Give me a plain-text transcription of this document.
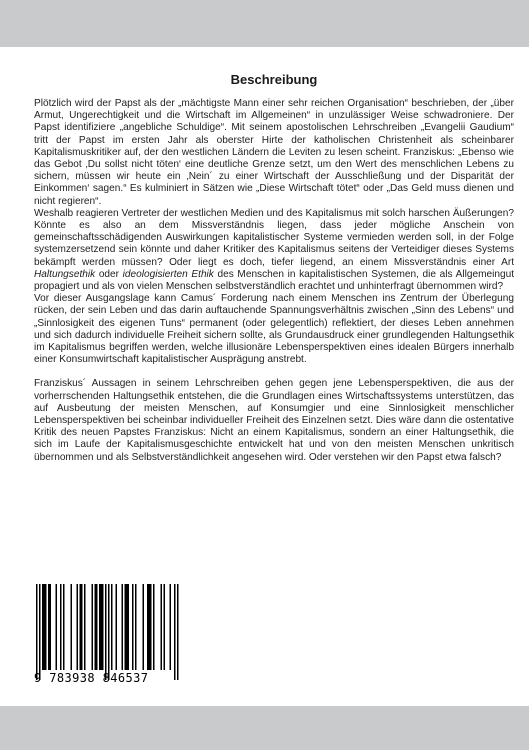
Beschreibung

Plötzlich wird der Papst als der „mächtigste Mann einer sehr reichen Organisation“ beschrieben, der „über Armut, Ungerechtigkeit und die Wirtschaft im Allgemeinen“ in unzulässiger Weise schwadroniere. Der Papst identifiziere „angebliche Schuldige“. Mit seinem apostolischen Lehrschreiben „Evangelii Gaudium“ tritt der Papst im ersten Jahr als oberster Hirte der katholischen Christenheit als scheinbarer Kapitalismuskritiker auf, der den westlichen Ländern die Leviten zu lesen scheint. Franziskus: „Ebenso wie das Gebot ‚Du sollst nicht töten‘ eine deutliche Grenze setzt, um den Wert des menschlichen Lebens zu sichern, müssen wir heute ein ‚Nein´ zu einer Wirtschaft der Ausschließung und der Disparität der Einkommen‘ sagen.“ Es kulminiert in Sätzen wie „Diese Wirtschaft tötet“ oder „Das Geld muss dienen und nicht regieren“.

Weshalb reagieren Vertreter der westlichen Medien und des Kapitalismus mit solch harschen Äußerungen? Könnte es also an dem Missverständnis liegen, dass jeder mögliche Anschein von gemeinschaftsschädigenden Auswirkungen kapitalistischer Systeme vermieden werden soll, in der Folge systemzersetzend sein könnte und daher Kritiker des Kapitalismus seitens der Verteidiger dieses Systems bekämpft werden müssen? Oder liegt es doch, tiefer liegend, an einem Missverständnis einer Art Haltungsethik oder ideologisierten Ethik des Menschen in kapitalistischen Systemen, die als Allgemeingut propagiert und als von vielen Menschen selbstverständlich erachtet und unhinterfragt übernommen wird?

Vor dieser Ausgangslage kann Camus´ Forderung nach einem Menschen ins Zentrum der Überlegung rücken, der sein Leben und das darin auftauchende Spannungsverhältnis zwischen „Sinn des Lebens“ und „Sinnlosigkeit des eigenen Tuns“ permanent (oder gelegentlich) reflektiert, der dieses Leben annehmen und sich dadurch individuelle Freiheit sichern sollte, als Grundausdruck einer grundlegenden Haltungsethik im Kapitalismus begriffen werden, welche illusionäre Lebensperspektiven eines idealen Bürgers innerhalb einer Konsumwirtschaft kapitalistischer Ausprägung anstrebt.

Franziskus´ Aussagen in seinem Lehrschreiben gehen gegen jene Lebensperspektiven, die aus der vorherrschenden Haltungsethik entstehen, die die Grundlagen eines Wirtschaftssystems unterstützen, das auf Ausbeutung der meisten Menschen, auf Konsumgier und eine Sinnlosigkeit menschlicher Lebensperspektiven bei scheinbar individueller Freiheit des Einzelnen setzt. Dies wäre dann die ostentative Kritik des neuen Papstes Franziskus: Nicht an einem Kapitalismus, sondern an einer Haltungsethik, die sich im Laufe der Kapitalismusgeschichte entwickelt hat und von den meisten Menschen unkritisch übernommen und als Selbstverständlichkeit angesehen wird. Oder verstehen wir den Papst etwa falsch?

9 783938 846537
